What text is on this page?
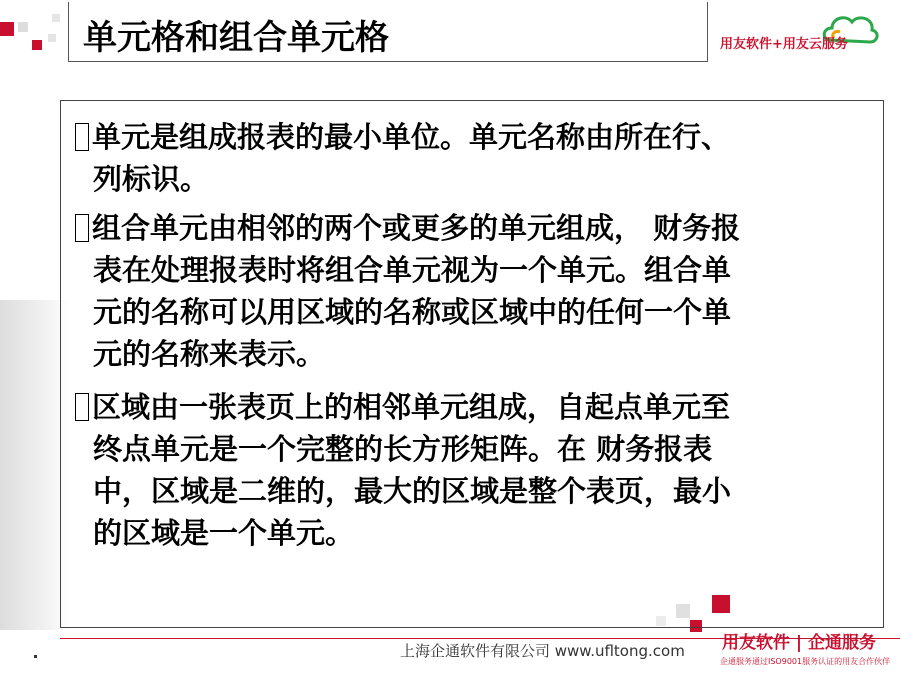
单元格和组合单元格	用友软件+用友云服务
单元是组成报表的最小单位。单元名称由所在行、
列标识。
组合单元由相邻的两个或更多的单元组成， 财务报
表在处理报表时将组合单元视为一个单元。组合单
元的名称可以用区域的名称或区域中的任何一个单
元的名称来表示。
区域由一张表页上的相邻单元组成，自起点单元至
终点单元是一个完整的长方形矩阵。在 财务报表
中，区域是二维的，最大的区域是整个表页，最小
的区域是一个单元。
上海企通软件有限公司 www.ufltong.com 用友软件 | 企通服务
企通服务通过ISO9001服务认证的用友合作伙伴
